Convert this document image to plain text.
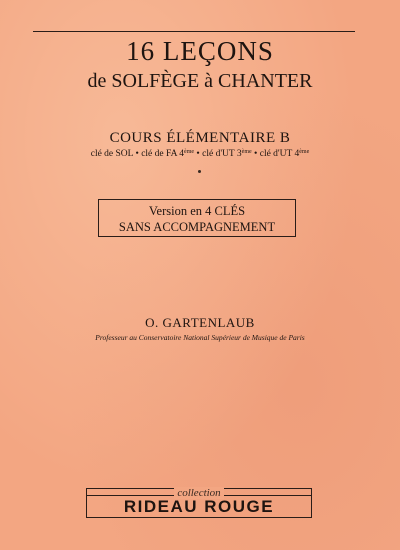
16 LEÇONS
de SOLFÈGE à CHANTER
COURS ÉLÉMENTAIRE B
clé de SOL • clé de FA 4ème • clé d'UT 3ème • clé d'UT 4ème
Version en 4 CLÉS
SANS ACCOMPAGNEMENT
O. GARTENLAUB
Professeur au Conservatoire National Supérieur de Musique de Paris
collection
RIDEAU ROUGE
